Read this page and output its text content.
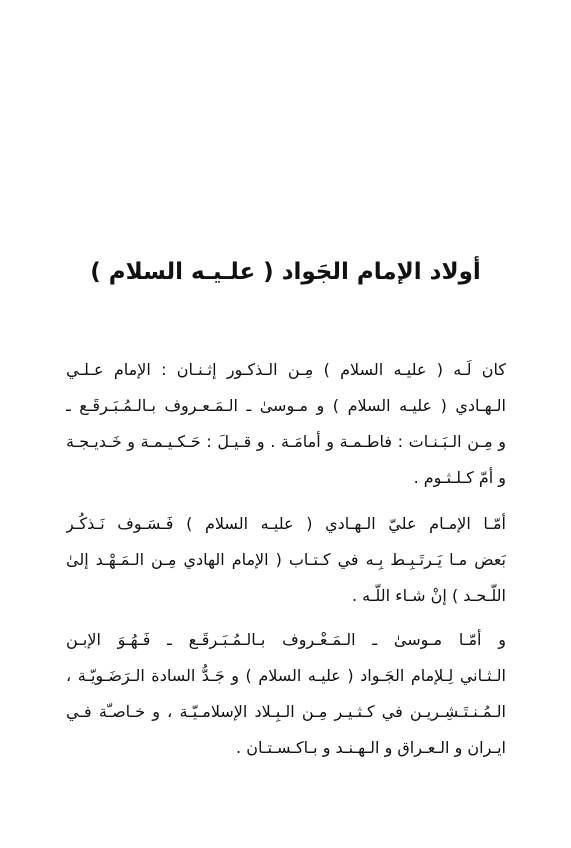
أولاد الإمام الجَواد ( علـيـه السلام )
كان لَـه ( عليـه السلام ) مِـن الـذكـور إثـنـان : الإمام عـلـي
الـهـادي ( عليـه السلام ) و مـوسىٰ ـ الـمَـعـروف بـالـمُـبَـرقَـع ـ
و مِـن الـبَـنـات : فاطـمـة و أمامَـة . و قـيـلَ : حَـكـيـمـة و خَـديـجـة
و أمّ كـلـثـوم .
أمّـا الإمـام عليّ الـهـادي ( عليـه السلام ) فَـسَـوف نَـذكُـر
بَعض مـا يَـرتَـبِـط بِـه في كـتـاب ( الإمام الهادي مِـن الـمَـهْـد إلىٰ
اللّـحـد ) إنْ شـاء اللّـه .
و أمّـا مـوسىٰ ـ الـمَـعْـروف بـالـمُـبَـرقَـع ـ فَـهُـوَ الإبـن
الـثـاني لِـلإمام الجَـواد ( عليـه السلام ) و جَـدُّ السادة الـرَضَـويّـة ،
الـمُـنـتَـشِـريـن في كـثـيـر مِـن الـبِـلاد الإسلامـيّـة ، و خـاصـّة فـي
ايـران و الـعـراق و الـهـنـد و بـاكـسـتـان .
